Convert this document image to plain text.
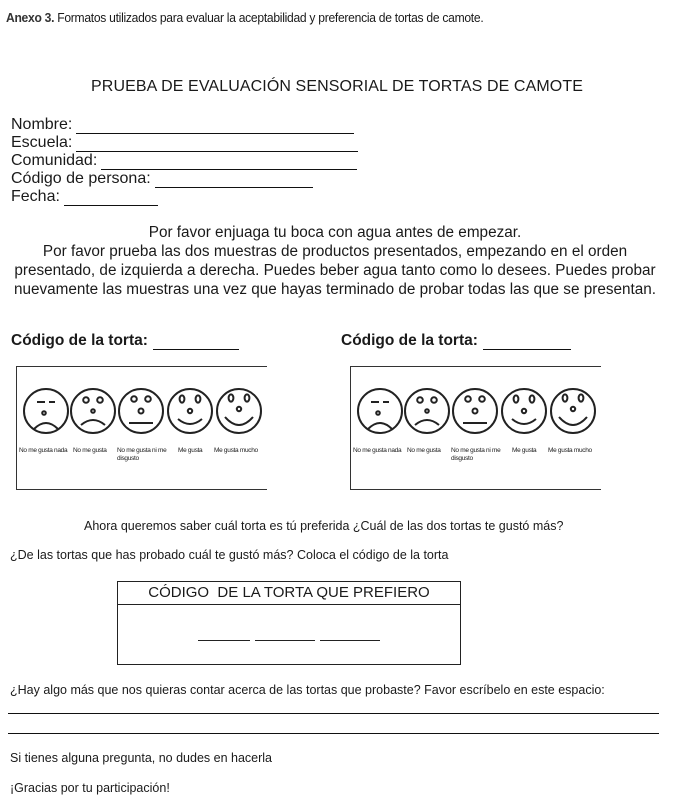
Anexo 3. Formatos utilizados para evaluar la aceptabilidad y preferencia de tortas de camote.
PRUEBA DE EVALUACIÓN SENSORIAL DE TORTAS DE CAMOTE
Nombre:
Escuela:
Comunidad:
Código de persona:
Fecha:
Por favor enjuaga tu boca con agua antes de empezar.
Por favor prueba las dos muestras de productos presentados, empezando en el orden presentado, de izquierda a derecha. Puedes beber agua tanto como lo desees. Puedes probar nuevamente las muestras una vez que hayas terminado de probar todas las que se presentan.
Código de la torta:	Código de la torta:
No me gusta nada No me gusta No me gusta ni me disgusto
Me gusta Me gusta mucho	No me gusta nada No me gusta No me gusta ni me disgusto
Me gusta Me gusta mucho
Ahora queremos saber cuál torta es tú preferida ¿Cuál de las dos tortas te gustó más?
¿De las tortas que has probado cuál te gustó más? Coloca el código de la torta
CÓDIGO  DE LA TORTA QUE PREFIERO
¿Hay algo más que nos quieras contar acerca de las tortas que probaste? Favor escríbelo en este espacio:
Si tienes alguna pregunta, no dudes en hacerla
¡Gracias por tu participación!
